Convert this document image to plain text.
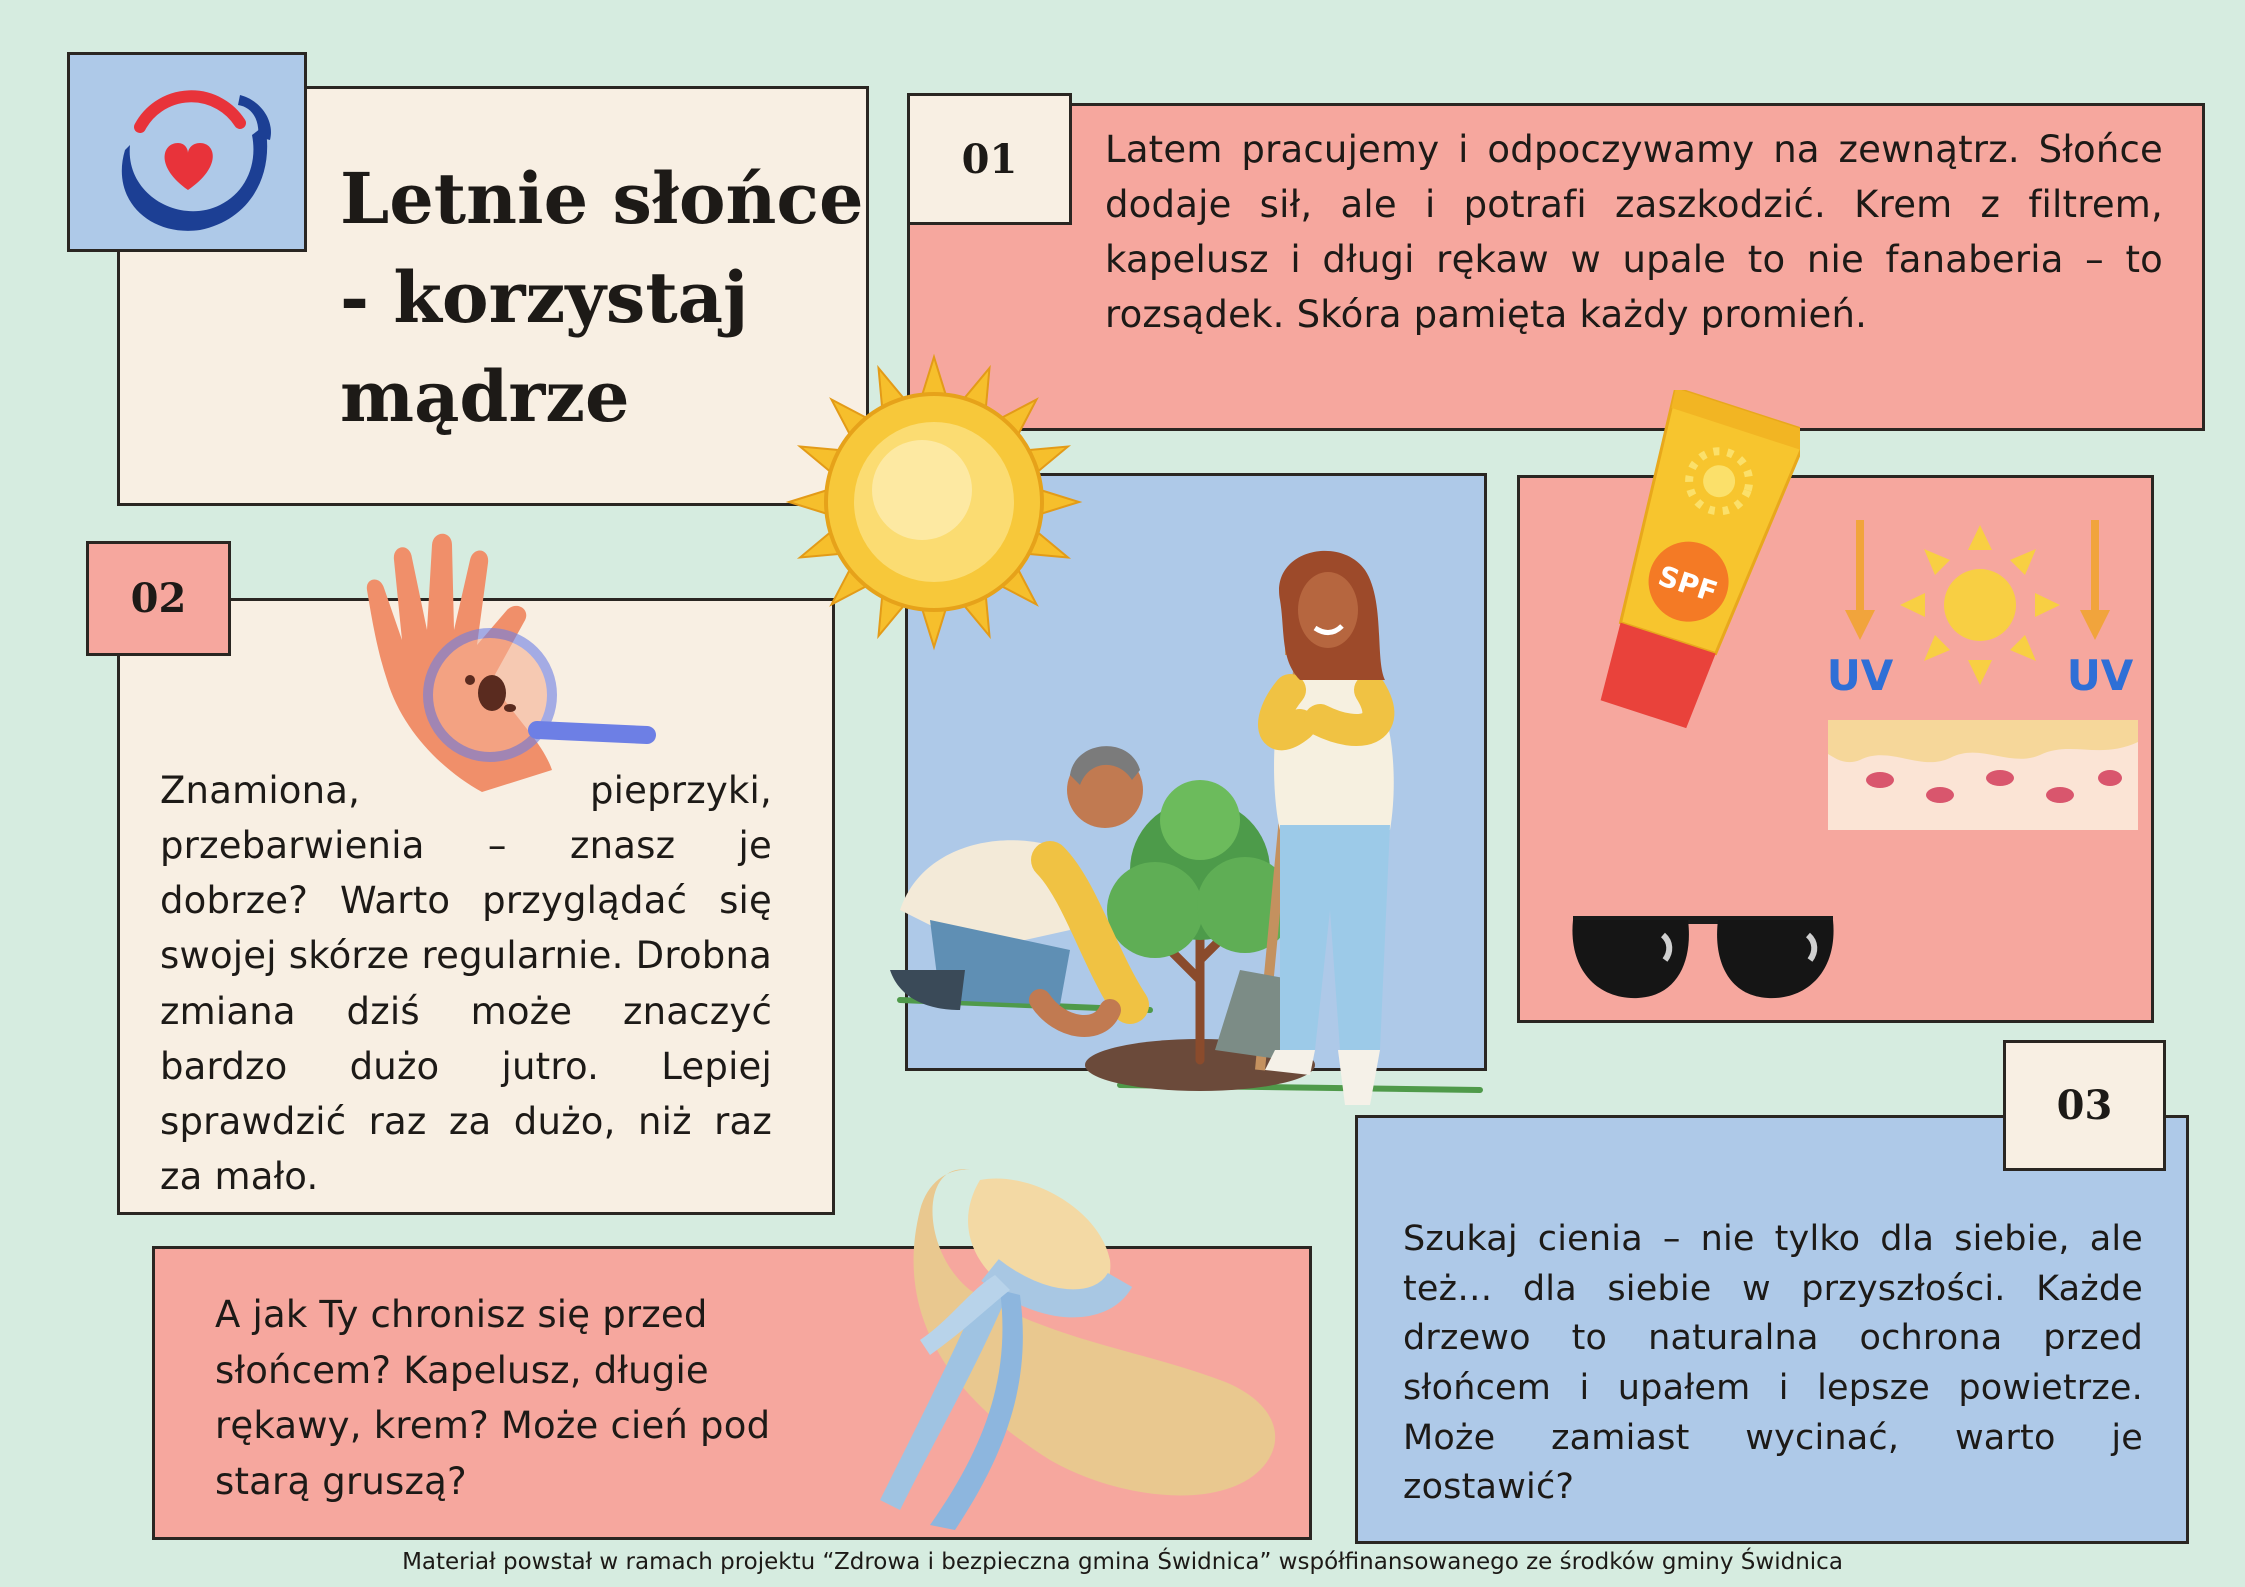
Letnie słońce
- korzystaj
mądrze
Latem pracujemy i odpoczywamy na zewnątrz. Słońce dodaje sił, ale i potrafi zaszkodzić. Krem z filtrem, kapelusz i długi rękaw w upale to nie fanaberia – to rozsądek. Skóra pamięta każdy promień.
01
Znamiona, pieprzyki, przebarwienia – znasz je dobrze? Warto przyglądać się swojej skórze regularnie. Drobna zmiana dziś może znaczyć bardzo dużo jutro. Lepiej sprawdzić raz za dużo, niż raz za mało.
02	SPF
UV	UV
Szukaj cienia – nie tylko dla siebie, ale też… dla siebie w przyszłości. Każde drzewo to naturalna ochrona przed słońcem i upałem i lepsze powietrze. Może zamiast wycinać, warto je zostawić?
03
A jak Ty chronisz się przed słońcem? Kapelusz, długie rękawy, krem? Może cień pod starą gruszą?
Materiał powstał w ramach projektu “Zdrowa i bezpieczna gmina Świdnica” współfinansowanego ze środków gminy Świdnica
